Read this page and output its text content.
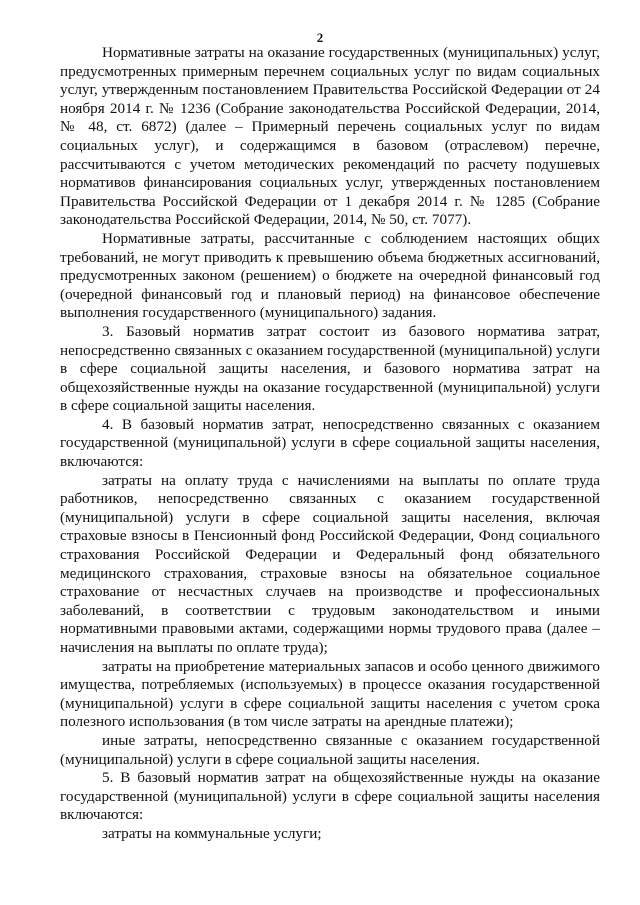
2

Нормативные затраты на оказание государственных (муниципальных) услуг, предусмотренных примерным перечнем социальных услуг по видам социальных услуг, утвержденным постановлением Правительства Российской Федерации от 24 ноября 2014 г. № 1236 (Собрание законодательства Российской Федерации, 2014, № 48, ст. 6872) (далее – Примерный перечень социальных услуг по видам социальных услуг), и содержащимся в базовом (отраслевом) перечне, рассчитываются с учетом методических рекомендаций по расчету подушевых нормативов финансирования социальных услуг, утвержденных постановлением Правительства Российской Федерации от 1 декабря 2014 г. № 1285 (Собрание законодательства Российской Федерации, 2014, № 50, ст. 7077).

Нормативные затраты, рассчитанные с соблюдением настоящих общих требований, не могут приводить к превышению объема бюджетных ассигнований, предусмотренных законом (решением) о бюджете на очередной финансовый год (очередной финансовый год и плановый период) на финансовое обеспечение выполнения государственного (муниципального) задания.

3. Базовый норматив затрат состоит из базового норматива затрат, непосредственно связанных с оказанием государственной (муниципальной) услуги в сфере социальной защиты населения, и базового норматива затрат на общехозяйственные нужды на оказание государственной (муниципальной) услуги в сфере социальной защиты населения.

4. В базовый норматив затрат, непосредственно связанных с оказанием государственной (муниципальной) услуги в сфере социальной защиты населения, включаются:

затраты на оплату труда с начислениями на выплаты по оплате труда работников, непосредственно связанных с оказанием государственной (муниципальной) услуги в сфере социальной защиты населения, включая страховые взносы в Пенсионный фонд Российской Федерации, Фонд социального страхования Российской Федерации и Федеральный фонд обязательного медицинского страхования, страховые взносы на обязательное социальное страхование от несчастных случаев на производстве и профессиональных заболеваний, в соответствии с трудовым законодательством и иными нормативными правовыми актами, содержащими нормы трудового права (далее – начисления на выплаты по оплате труда);

затраты на приобретение материальных запасов и особо ценного движимого имущества, потребляемых (используемых) в процессе оказания государственной (муниципальной) услуги в сфере социальной защиты населения с учетом срока полезного использования (в том числе затраты на арендные платежи);

иные затраты, непосредственно связанные с оказанием государственной (муниципальной) услуги в сфере социальной защиты населения.

5. В базовый норматив затрат на общехозяйственные нужды на оказание государственной (муниципальной) услуги в сфере социальной защиты населения включаются:

затраты на коммунальные услуги;
